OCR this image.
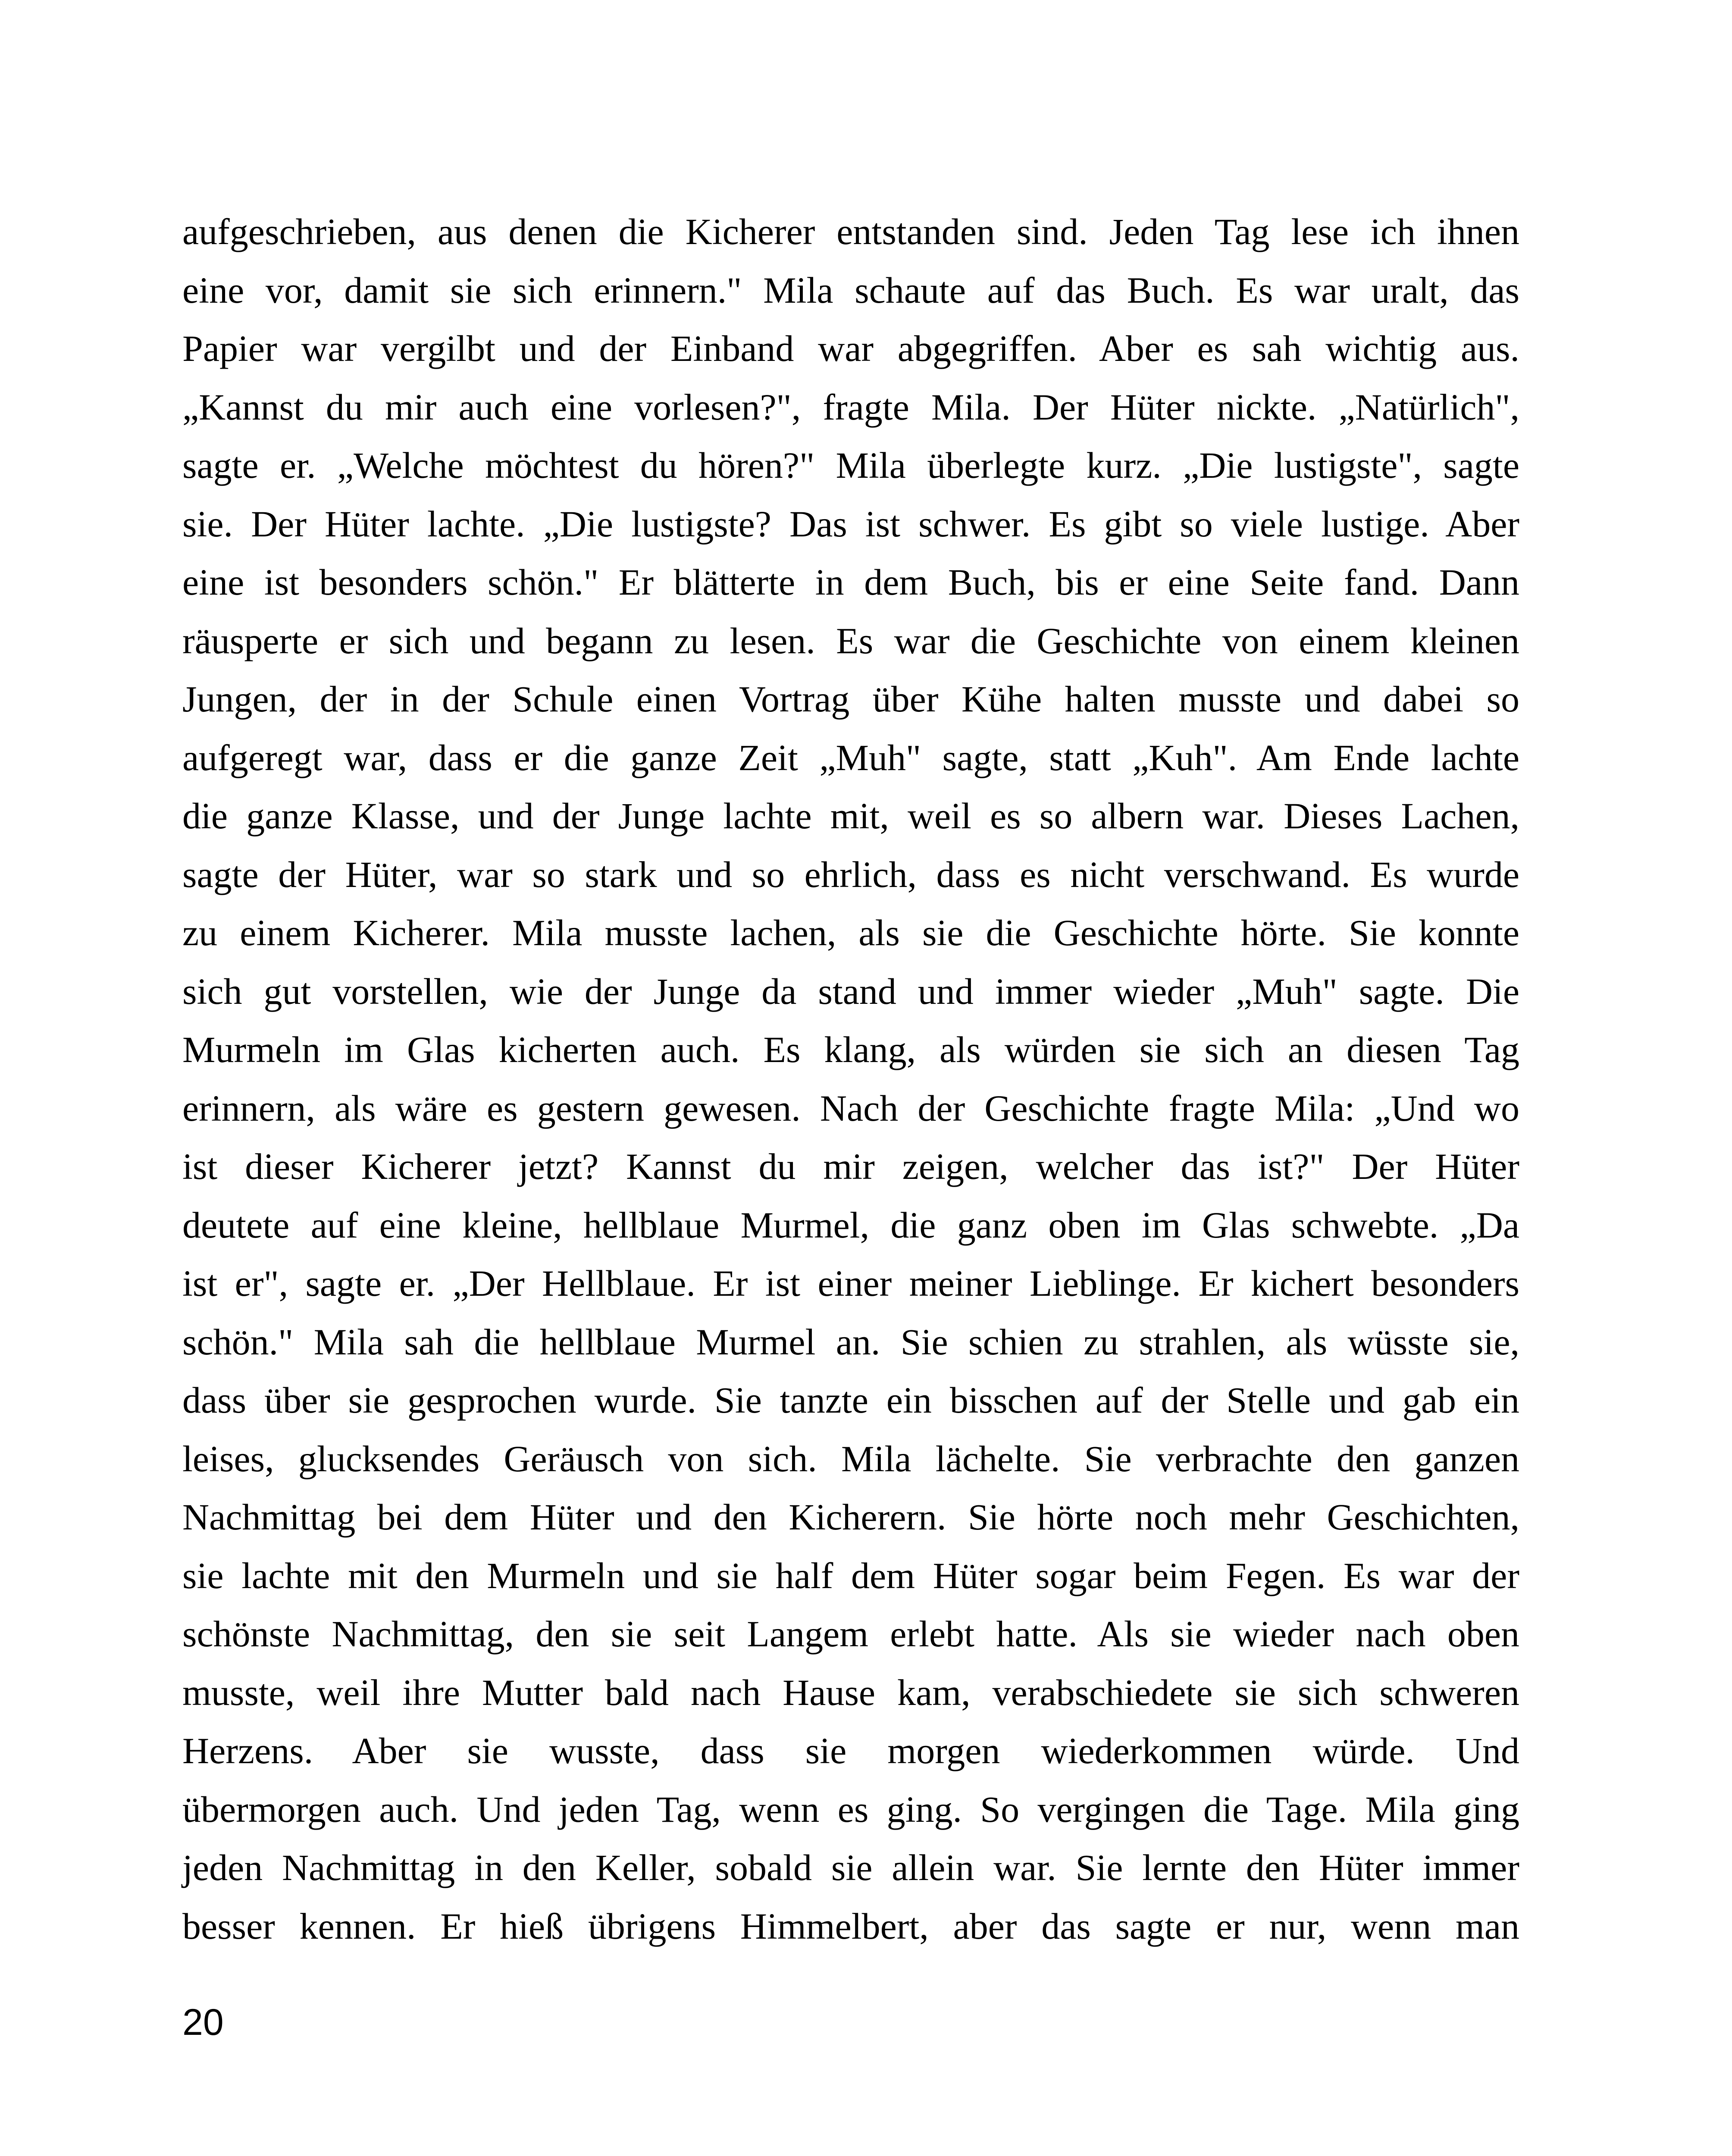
aufgeschrieben, aus denen die Kicherer entstanden sind. Jeden Tag lese ich ihnen
eine vor, damit sie sich erinnern." Mila schaute auf das Buch. Es war uralt, das
Papier war vergilbt und der Einband war abgegriffen. Aber es sah wichtig aus.
„Kannst du mir auch eine vorlesen?", fragte Mila. Der Hüter nickte. „Natürlich",
sagte er. „Welche möchtest du hören?" Mila überlegte kurz. „Die lustigste", sagte
sie. Der Hüter lachte. „Die lustigste? Das ist schwer. Es gibt so viele lustige. Aber
eine ist besonders schön." Er blätterte in dem Buch, bis er eine Seite fand. Dann
räusperte er sich und begann zu lesen. Es war die Geschichte von einem kleinen
Jungen, der in der Schule einen Vortrag über Kühe halten musste und dabei so
aufgeregt war, dass er die ganze Zeit „Muh" sagte, statt „Kuh". Am Ende lachte
die ganze Klasse, und der Junge lachte mit, weil es so albern war. Dieses Lachen,
sagte der Hüter, war so stark und so ehrlich, dass es nicht verschwand. Es wurde
zu einem Kicherer. Mila musste lachen, als sie die Geschichte hörte. Sie konnte
sich gut vorstellen, wie der Junge da stand und immer wieder „Muh" sagte. Die
Murmeln im Glas kicherten auch. Es klang, als würden sie sich an diesen Tag
erinnern, als wäre es gestern gewesen. Nach der Geschichte fragte Mila: „Und wo
ist dieser Kicherer jetzt? Kannst du mir zeigen, welcher das ist?" Der Hüter
deutete auf eine kleine, hellblaue Murmel, die ganz oben im Glas schwebte. „Da
ist er", sagte er. „Der Hellblaue. Er ist einer meiner Lieblinge. Er kichert besonders
schön." Mila sah die hellblaue Murmel an. Sie schien zu strahlen, als wüsste sie,
dass über sie gesprochen wurde. Sie tanzte ein bisschen auf der Stelle und gab ein
leises, glucksendes Geräusch von sich. Mila lächelte. Sie verbrachte den ganzen
Nachmittag bei dem Hüter und den Kicherern. Sie hörte noch mehr Geschichten,
sie lachte mit den Murmeln und sie half dem Hüter sogar beim Fegen. Es war der
schönste Nachmittag, den sie seit Langem erlebt hatte. Als sie wieder nach oben
musste, weil ihre Mutter bald nach Hause kam, verabschiedete sie sich schweren
Herzens. Aber sie wusste, dass sie morgen wiederkommen würde. Und
übermorgen auch. Und jeden Tag, wenn es ging. So vergingen die Tage. Mila ging
jeden Nachmittag in den Keller, sobald sie allein war. Sie lernte den Hüter immer
besser kennen. Er hieß übrigens Himmelbert, aber das sagte er nur, wenn man

20
